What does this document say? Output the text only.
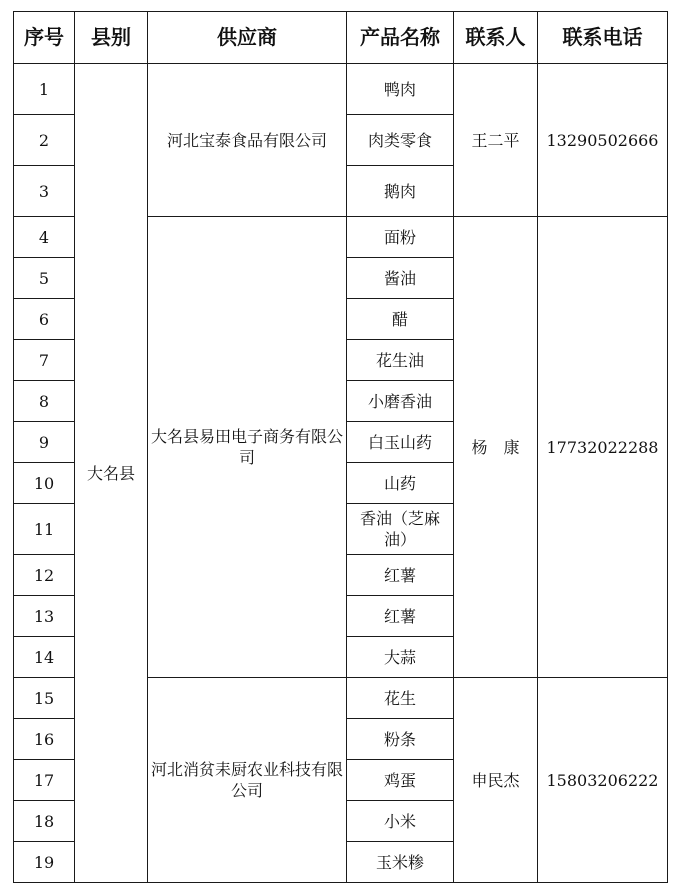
序号	县别	供应商	产品名称	联系人	联系电话
1	大名县	河北宝泰食品有限公司	鸭肉	王二平	13290502666
2			肉类零食		
3			鹅肉		
4		大名县易田电子商务有限公司	面粉	杨　康	17732022288
5			酱油		
6			醋		
7			花生油		
8			小磨香油		
9			白玉山药		
10			山药		
11			香油（芝麻油）		
12			红薯		
13			红薯		
14			大蒜		
15		河北消贫耒厨农业科技有限公司	花生	申民杰	15803206222
16			粉条		
17			鸡蛋		
18			小米		
19			玉米糁		
